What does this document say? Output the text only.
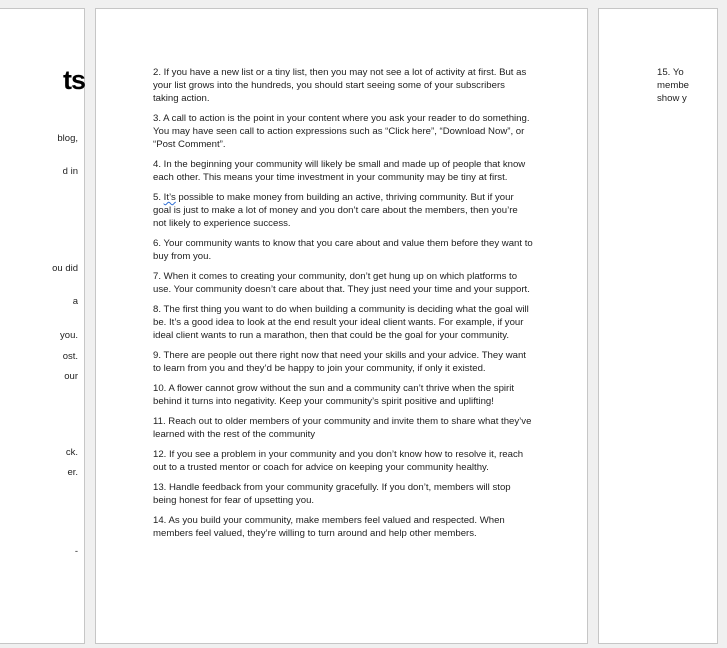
ts
blog,
d in
ou did
a
you.
ost.
our
ck.
er.
-

2. If you have a new list or a tiny list, then you may not see a lot of activity at first. But as your list grows into the hundreds, you should start seeing some of your subscribers taking action.

3. A call to action is the point in your content where you ask your reader to do something. You may have seen call to action expressions such as “Click here”, “Download Now”, or “Post Comment”.

4. In the beginning your community will likely be small and made up of people that know each other. This means your time investment in your community may be tiny at first.

5. It’s possible to make money from building an active, thriving community. But if your goal is just to make a lot of money and you don’t care about the members, then you’re not likely to experience success.

6. Your community wants to know that you care about and value them before they want to buy from you.

7. When it comes to creating your community, don’t get hung up on which platforms to use. Your community doesn’t care about that. They just need your time and your support.

8. The first thing you want to do when building a community is deciding what the goal will be. It’s a good idea to look at the end result your ideal client wants. For example, if your ideal client wants to run a marathon, then that could be the goal for your community.

9. There are people out there right now that need your skills and your advice. They want to learn from you and they’d be happy to join your community, if only it existed.

10. A flower cannot grow without the sun and a community can’t thrive when the spirit behind it turns into negativity. Keep your community’s spirit positive and uplifting!

11. Reach out to older members of your community and invite them to share what they’ve learned with the rest of the community

12. If you see a problem in your community and you don’t know how to resolve it, reach out to a trusted mentor or coach for advice on keeping your community healthy.

13. Handle feedback from your community gracefully. If you don’t, members will stop being honest for fear of upsetting you.

14. As you build your community, make members feel valued and respected. When members feel valued, they’re willing to turn around and help other members.

15. Yo
membe
show y
